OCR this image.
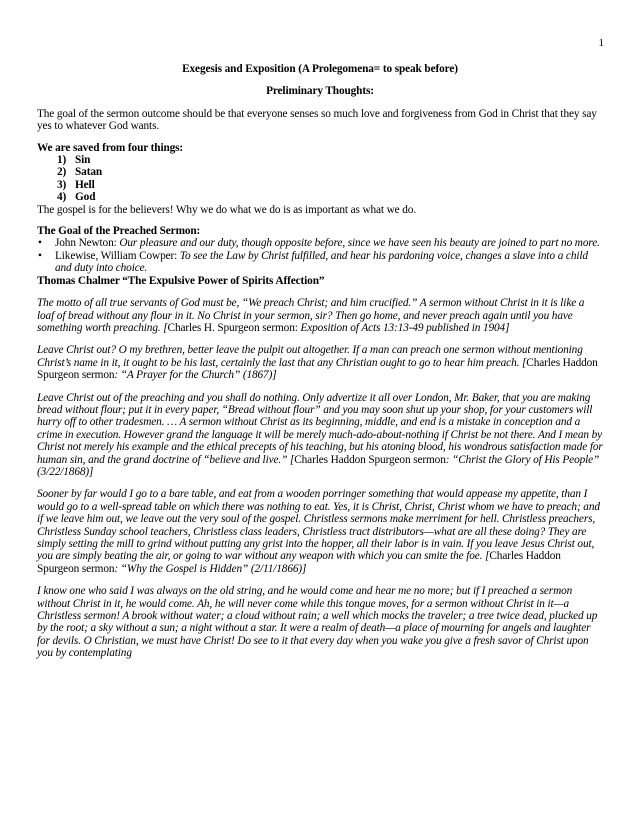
1

Exegesis and Exposition (A Prolegomena= to speak before)

Preliminary Thoughts:

The goal of the sermon outcome should be that everyone senses so much love and forgiveness from God in Christ that they say yes to whatever God wants.

We are saved from four things:

1) Sin
2) Satan
3) Hell
4) God

The gospel is for the believers! Why we do what we do is as important as what we do.

The Goal of the Preached Sermon:

• John Newton: Our pleasure and our duty, though opposite before, since we have seen his beauty are joined to part no more.
• Likewise, William Cowper: To see the Law by Christ fulfilled, and hear his pardoning voice, changes a slave into a child and duty into choice.

Thomas Chalmer “The Expulsive Power of Spirits Affection”

The motto of all true servants of God must be, “We preach Christ; and him crucified.” A sermon without Christ in it is like a loaf of bread without any flour in it. No Christ in your sermon, sir? Then go home, and never preach again until you have something worth preaching. [Charles H. Spurgeon sermon: Exposition of Acts 13:13-49 published in 1904]

Leave Christ out? O my brethren, better leave the pulpit out altogether. If a man can preach one sermon without mentioning Christ’s name in it, it ought to be his last, certainly the last that any Christian ought to go to hear him preach. [Charles Haddon Spurgeon sermon: “A Prayer for the Church” (1867)]

Leave Christ out of the preaching and you shall do nothing. Only advertize it all over London, Mr. Baker, that you are making bread without flour; put it in every paper, “Bread without flour” and you may soon shut up your shop, for your customers will hurry off to other tradesmen. … A sermon without Christ as its beginning, middle, and end is a mistake in conception and a crime in execution. However grand the language it will be merely much-ado-about-nothing if Christ be not there. And I mean by Christ not merely his example and the ethical precepts of his teaching, but his atoning blood, his wondrous satisfaction made for human sin, and the grand doctrine of “believe and live.” [Charles Haddon Spurgeon sermon: “Christ the Glory of His People” (3/22/1868)]

Sooner by far would I go to a bare table, and eat from a wooden porringer something that would appease my appetite, than I would go to a well-spread table on which there was nothing to eat. Yes, it is Christ, Christ, Christ whom we have to preach; and if we leave him out, we leave out the very soul of the gospel. Christless sermons make merriment for hell. Christless preachers, Christless Sunday school teachers, Christless class leaders, Christless tract distributors—what are all these doing? They are simply setting the mill to grind without putting any grist into the hopper, all their labor is in vain. If you leave Jesus Christ out, you are simply beating the air, or going to war without any weapon with which you can smite the foe. [Charles Haddon Spurgeon sermon: “Why the Gospel is Hidden” (2/11/1866)]

I know one who said I was always on the old string, and he would come and hear me no more; but if I preached a sermon without Christ in it, he would come. Ah, he will never come while this tongue moves, for a sermon without Christ in it—a Christless sermon! A brook without water; a cloud without rain; a well which mocks the traveler; a tree twice dead, plucked up by the root; a sky without a sun; a night without a star. It were a realm of death—a place of mourning for angels and laughter for devils. O Christian, we must have Christ! Do see to it that every day when you wake you give a fresh savor of Christ upon you by contemplating
